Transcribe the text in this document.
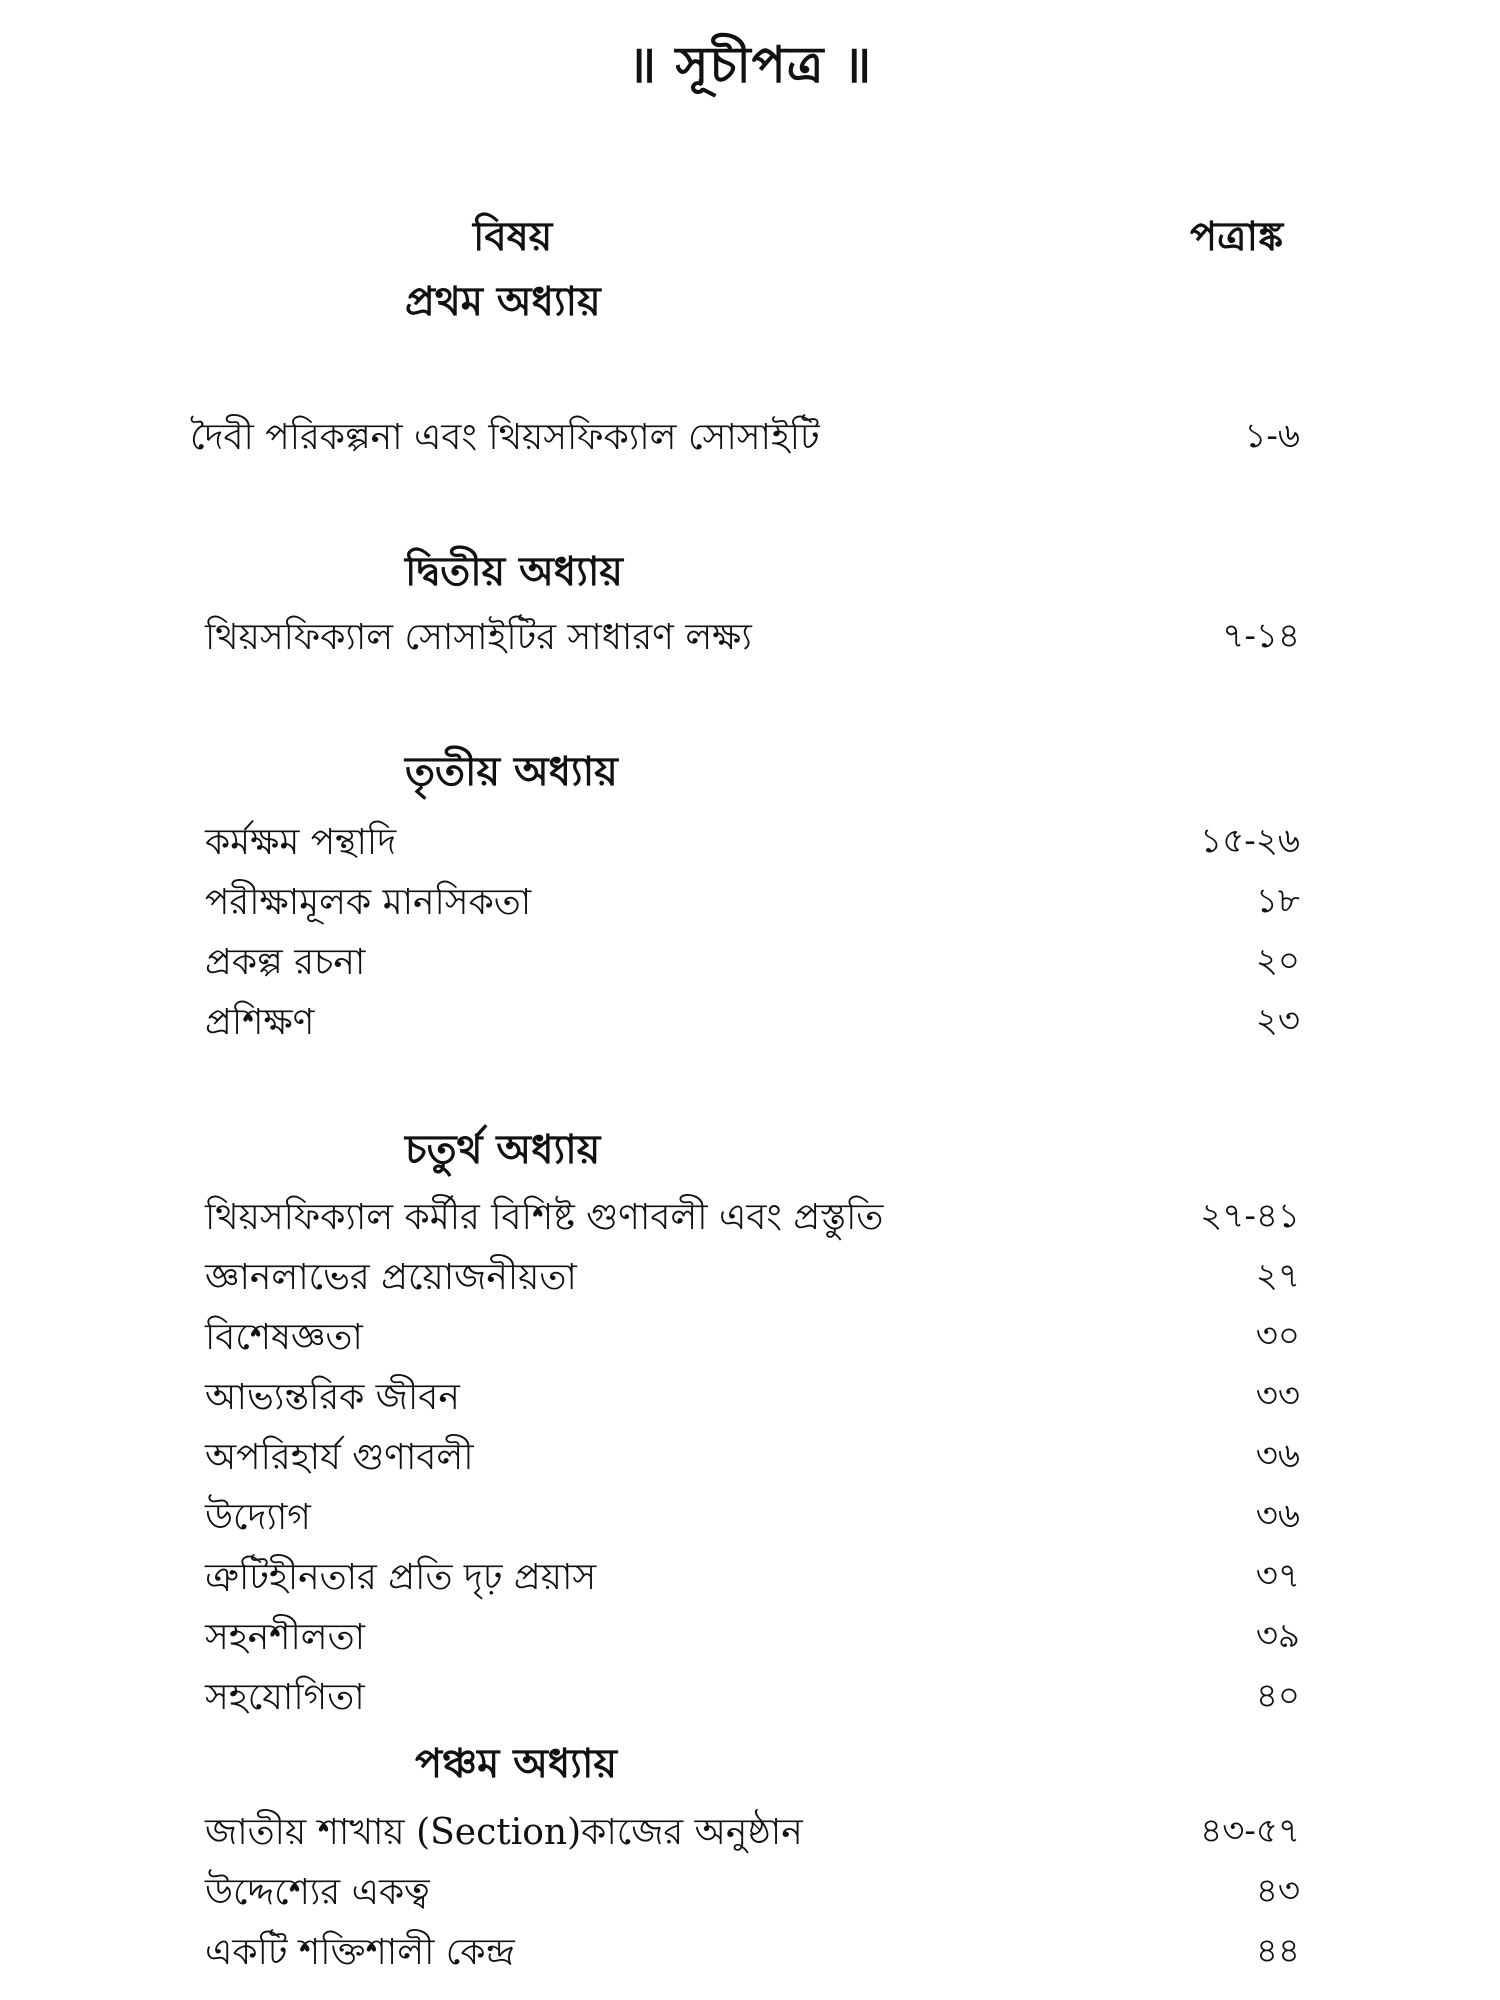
॥ সূচীপত্র ॥
বিষয়	পত্রাঙ্ক
প্রথম অধ্যায়
দৈবী পরিকল্পনা এবং থিয়সফিক্যাল সোসাইটি	১-৬
দ্বিতীয় অধ্যায়
থিয়সফিক্যাল সোসাইটির সাধারণ লক্ষ্য	৭-১৪
তৃতীয় অধ্যায়
কর্মক্ষম পন্থাদি	১৫-২৬
পরীক্ষামূলক মানসিকতা	১৮
প্রকল্প রচনা	২০
প্রশিক্ষণ	২৩
চতুর্থ অধ্যায়
থিয়সফিক্যাল কর্মীর বিশিষ্ট গুণাবলী এবং প্রস্তুতি	২৭-৪১
জ্ঞানলাভের প্রয়োজনীয়তা	২৭
বিশেষজ্ঞতা	৩০
আভ্যন্তরিক জীবন	৩৩
অপরিহার্য গুণাবলী	৩৬
উদ্যোগ	৩৬
ত্রুটিহীনতার প্রতি দৃঢ় প্রয়াস	৩৭
সহনশীলতা	৩৯
সহযোগিতা	৪০
পঞ্চম অধ্যায়
জাতীয় শাখায় (Section)কাজের অনুষ্ঠান	৪৩-৫৭
উদ্দেশ্যের একত্ব	৪৩
একটি শক্তিশালী কেন্দ্র	৪৪
